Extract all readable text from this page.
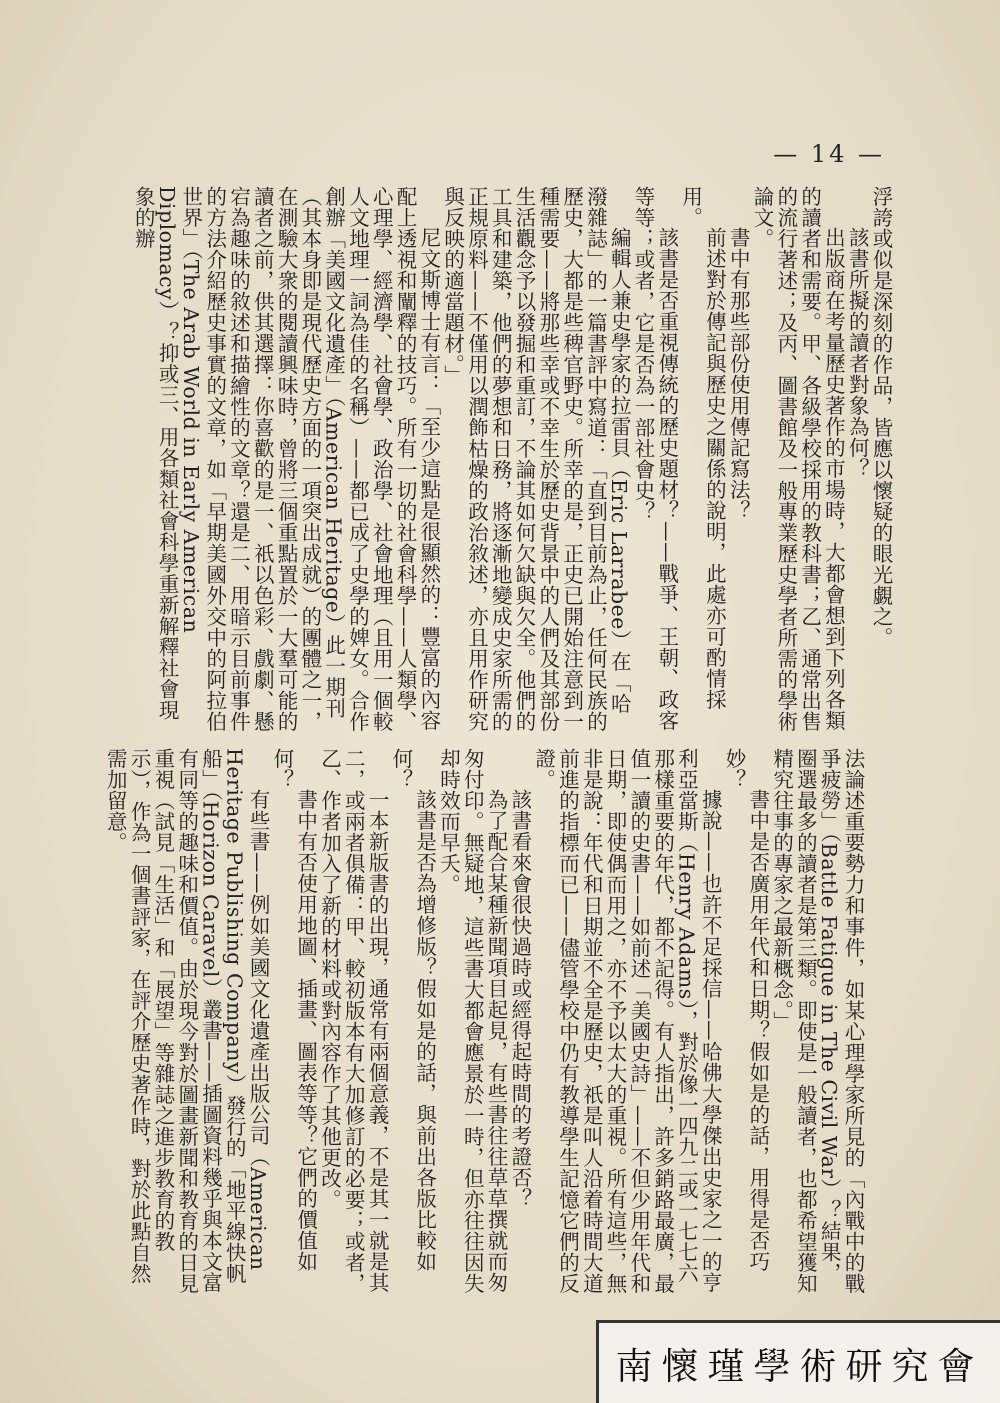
— 14 —

浮誇或似是深刻的作品，皆應以懷疑的眼光覷之。

該書所擬的讀者對象為何？

出版商在考量歷史著作的市場時，大都會想到下列各類的讀者和需要。甲、各級學校採用的教科書；乙、通常出售的流行著述；及丙、圖書館及一般專業歷史學者所需的學術論文。

書中有那些部份使用傳記寫法？

前述對於傳記與歷史之關係的說明，此處亦可酌情採用。

該書是否重視傳統的歷史題材？——戰爭、王朝、政客等等；或者，它是否為一部社會史？

編輯人兼史學家的拉雷貝（Eric Larrabee）在「哈潑雜誌」的一篇書評中寫道：「直到目前為止，任何民族的歷史，大都是些稗官野史。所幸的是，正史已開始注意到一種需要——將那些幸或不幸生於歷史背景中的人們及其部份生活觀念予以發掘和重訂，不論其如何欠缺與欠全。他們的工具和建築，他們的夢想和日務，將逐漸地變成史家所需的正規原料——不僅用以潤飾枯燥的政治敘述，亦且用作研究與反映的適當題材。」

尼文斯博士有言：「至少這點是很顯然的：豐富的內容配上透視和闡釋的技巧。所有一切的社會科學——人類學、心理學、經濟學、社會學、政治學、社會地理（且用一個較人文地理一詞為佳的名稱）——都已成了史學的婢女。合作創辦「美國文化遺產」（American Heritage）此一期刊（其本身即是現代歷史方面的一項突出成就）的團體之一，在測驗大衆的閱讀興味時，曾將三個重點置於一大羣可能的讀者之前，供其選擇：你喜歡的是一、祇以色彩、戲劇、懸宕為趣味的敘述和描繪性的文章？還是二、用暗示目前事件的方法介紹歷史事實的文章，如「早期美國外交中的阿拉伯世界」（The Arab World in Early American Diplomacy）？抑或三、用各類社會科學重新解釋社會現象的辦

法論述重要勢力和事件，如某心理學家所見的「內戰中的戰爭疲勞」（Battle Fatigue in The Civil War）？結果，圈選最多的讀者是第三類。即使是一般讀者，也都希望獲知精究往事的專家之最新概念。」

書中是否廣用年代和日期？假如是的話，用得是否巧妙？

據說——也許不足採信——哈佛大學傑出史家之一的亨利亞當斯（Henry Adams），對於像一四九二或一七七六那樣重要的年代，都不記得。有人指出，許多銷路最廣，最值一讀的史書——如前述「美國史詩」——不但少用年代和日期，即使偶而用之，亦不予以太大的重視。所有這些，無非是說：年代和日期並不全是歷史，祇是叫人沿着時間大道前進的指標而已——儘管學校中仍有教導學生記憶它們的反證。

該書看來會很快過時或經得起時間的考證否？

為了配合某種新聞項目起見，有些書往往草草撰就而匆匆付印。無疑地，這些書大都會應景於一時，但亦往往因失却時效而早夭。

該書是否為增修版？假如是的話，與前出各版比較如何？

一本新版書的出現，通常有兩個意義，不是其一就是其二，或兩者俱備：甲、較初版本有大加修訂的必要；或者，乙、作者加入了新的材料或對內容作了其他更改。

書中有否使用地圖、插畫、圖表等等？它們的價值如何？

有些書——例如美國文化遺產出版公司（American Heritage Publishing Company）發行的「地平線快帆船」（Horizon Caravel）叢書——插圖資料幾乎與本文富有同等的趣味和價值。由於現今對於圖畫新聞和教育的日見重視（試見「生活」和「展望」等雜誌之進步教育的教示），作為一個書評家，在評介歷史著作時，對於此點自然需加留意。

南懷瑾學術研究會
